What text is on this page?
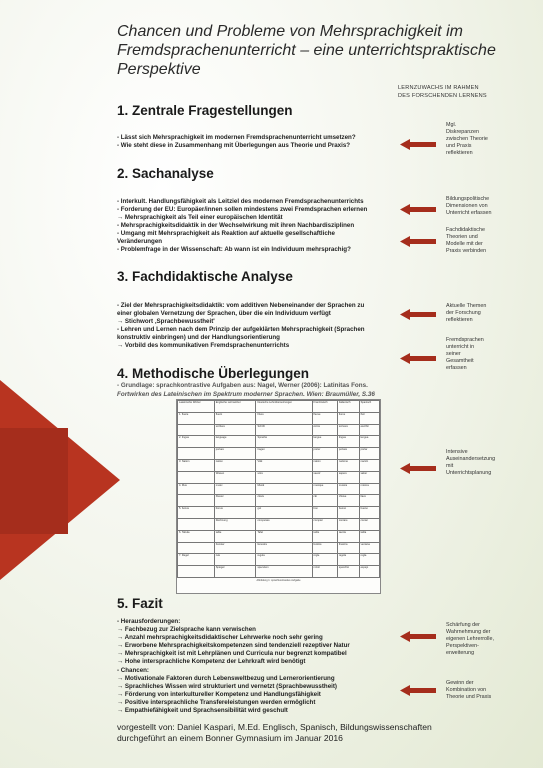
Chancen und Probleme von Mehrsprachigkeit im Fremdsprachenunterricht – eine unterrichtspraktische Perspektive
LERNZUWACHS IM RAHMEN
DES FORSCHENDEN LERNENS
1. Zentrale Fragestellungen
- Lässt sich Mehrsprachigkeit im modernen Fremdsprachenunterricht umsetzen?
- Wie steht diese in Zusammenhang mit Überlegungen aus Theorie und Praxis?
2. Sachanalyse
- Interkult. Handlungsfähigkeit als Leitziel des modernen Fremdsprachenunterrichts
- Forderung der EU: Europäer/innen sollen mindestens zwei Fremdsprachen erlernen
→ Mehrsprachigkeit als Teil einer europäischen Identität
- Mehrsprachigkeitsdidaktik in der Wechselwirkung mit ihren Nachbardisziplinen
- Umgang mit Mehrsprachigkeit als Reaktion auf aktuelle gesellschaftliche
Veränderungen
- Problemfrage in der Wissenschaft: Ab wann ist ein Individuum mehrsprachig?
3. Fachdidaktische Analyse
- Ziel der Mehrsprachigkeitsdidaktik: vom additiven Nebeneinander der Sprachen zu
einer globalen Vernetzung der Sprachen, über die ein Individuum verfügt
→ Stichwort ‚Sprachbewusstheit'
- Lehren und Lernen nach dem Prinzip der aufgeklärten Mehrsprachigkeit (Sprachen
konstruktiv einbringen) und der Handlungsorientierung
→ Vorbild des kommunikativen Fremdsprachenunterrichts
4. Methodische Überlegungen
- Grundlage: sprachkontrastive Aufgaben aus: Nagel, Werner (2006): Latinitas Fons.
Fortwirken des Lateinischen im Spektrum moderner Sprachen. Wien: Braumüller, S.36
Lateinische Wörter	Englische Lehnwörter	Deutsche Lehnübersetzungen	Französisch	Italienisch	Spanisch
1. fluere	fluent	Fluss	fleuve	fiume	fluir
	scribere	Schrift	écrire	scrivere	escribir
2. lingua	language	Sprache	langue	lingua	lengua
	portare	tragen	porter	portare	portar
3. Nation	nation	Volk	nation	nazione	nación
	Wissen	scire	savoir	sapere	saber
4. Mus	music	Musik	musique	musica	música
	Klavier	clavis	clé	chiave	llave
5. bonus	bonus	gut	bon	buono	bueno
	Rechnung	computare	compter	contare	contar
6. Tabula	table	Tafel	table	tavola	tabla
	Fenster	fenestra	fenêtre	finestra	ventana
7. Regel	rule	regula	règle	regola	regla
	Spiegel	speculum	miroir	specchio	espejo
Abbildung 1: sprachkontrastive Aufgabe
5. Fazit
- Herausforderungen:
→ Fachbezug zur Zielsprache kann verwischen
→ Anzahl mehrsprachigkeitsdidaktischer Lehrwerke noch sehr gering
→ Erworbene Mehrsprachigkeitskompetenzen sind tendenziell rezeptiver Natur
→ Mehrsprachigkeit ist mit Lehrplänen und Curricula nur begrenzt kompatibel
→ Hohe intersprachliche Kompetenz der Lehrkraft wird benötigt
- Chancen:
→ Motivationale Faktoren durch Lebensweltbezug und Lernerorientierung
→ Sprachliches Wissen wird strukturiert und vernetzt (Sprachbewusstheit)
→ Förderung von interkultureller Kompetenz und Handlungsfähigkeit
→ Positive intersprachliche Transfereleistungen werden ermöglicht
→ Empathiefähigkeit und Sprachsensibilität wird geschult
Mgl.
Diskrepanzen
zwischen Theorie
und Praxis
reflektieren
Bildungspolitische
Dimensionen von
Unterricht erfassen
Fachdidaktische
Theorien und
Modelle mit der
Praxis verbinden
Aktuelle Themen
der Forschung
reflektieren
Fremdsprachen
unterricht in
seiner
Gesamtheit
erfassen
Intensive
Auseinandersetzung
mit
Unterrichtsplanung
Schärfung der
Wahrnehmung der
eigenen Lehrerrolle,
Perspektiven-
erweiterung
Gewinn der
Kombination von
Theorie und Praxis
vorgestellt von: Daniel Kaspari, M.Ed. Englisch, Spanisch, Bildungswissenschaften
durchgeführt an einem Bonner Gymnasium im Januar 2016
